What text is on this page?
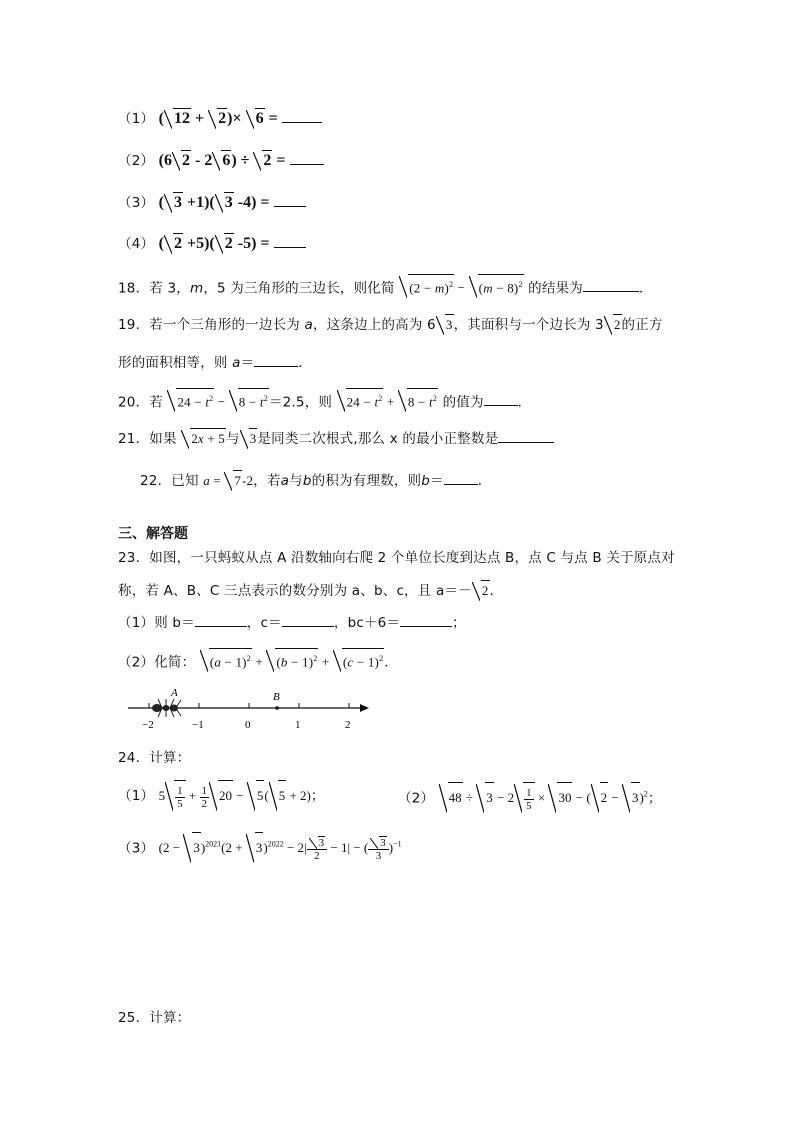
（1） ( 12 + 2)× 6 =
（2） (6 2 - 2 6) ÷ 2 =
（3） ( 3 +1)( 3 -4) =
（4） ( 2 +5)( 2 -5) =
18．若 3，m，5 为三角形的三边长，则化简 $(2 - m)^2 - (m - 8)^2$ 的结果为	．
19．若一个三角形的一边长为 a，这条边上的高为 6 3，其面积与一个边长为 3 2的正方
形的面积相等，则 a＝	．
20．若 $24 - t^2 - 8 - t^2=2.5$，则 $24 - t^2 + 8 - t^2$ 的值为	．
21．如果 2x + 5与 3是同类二次根式,那么 x 的最小正整数是
22．已知 a = 7-2，若a与b的积为有理数，则b＝	．
三、解答题
23．如图，一只蚂蚁从点 A 沿数轴向右爬 2 个单位长度到达点 B，点 C 与点 B 关于原点对
称，若 A、B、C 三点表示的数分别为 a、b、c，且 a＝－ 2．
（1）则 b＝	，c＝	，bc＋6＝	；
（2）化简： $(a - 1)^2 + (b - 1)^2 + (c - 1)^2$．
A	B
−2	−1	0	1	2
24．计算：
（1） $5 \frac{1}{5} + \frac{1}{2} 20 - 5$( 5 + 2)；	（2） $48 \div 3 - 2 \frac{1}{5} \times 30$ − ( 2 − 3)$^2$；
（3） $(2 - 3)^{2021}(2 + 3)^{2022} - 2| \frac{3}{2} - 1|$ − ( $\frac{3}{3} )^{-1}$
25．计算：
